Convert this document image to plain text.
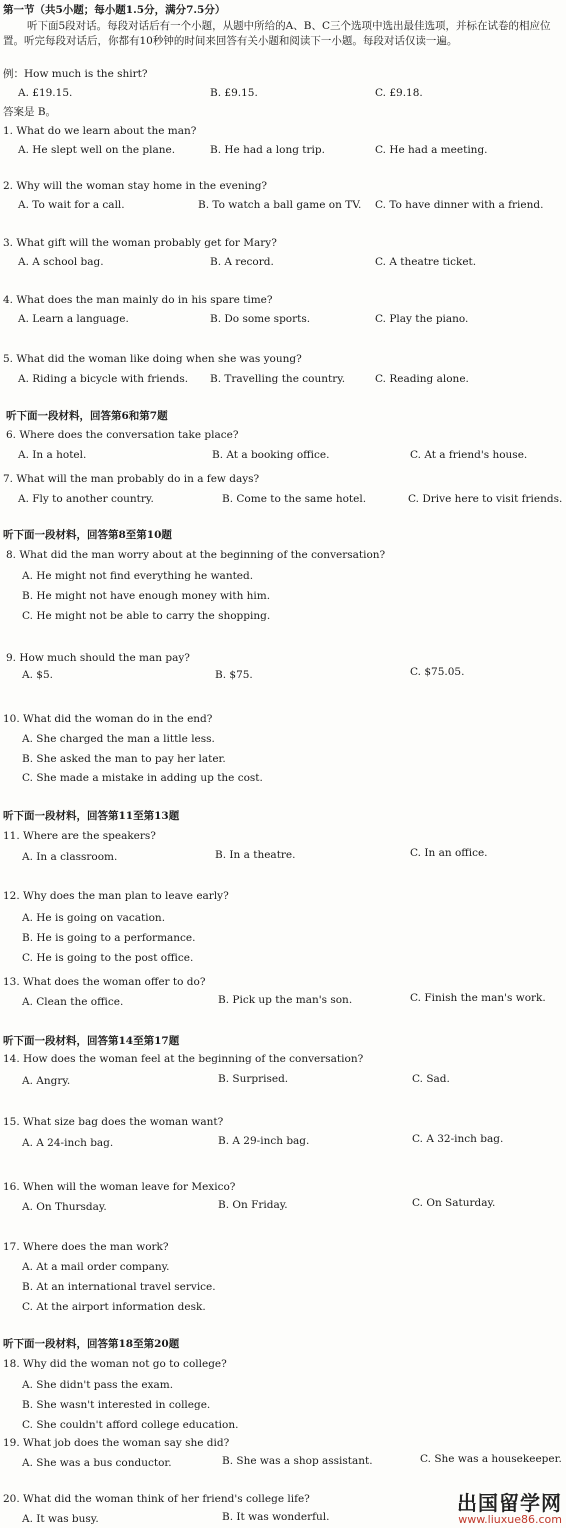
第一节（共5小题；每小题1.5分，满分7.5分）
听下面5段对话。每段对话后有一个小题，从题中所给的A、B、C三个选项中选出最佳选项，并标在试卷的相应位置。听完每段对话后，你都有10秒钟的时间来回答有关小题和阅读下一小题。每段对话仅读一遍。
例：How much is the shirt?
A. £19.15.	B. £9.15.	C. £9.18.
答案是 B。
1. What do we learn about the man?
A. He slept well on the plane.	B. He had a long trip.	C. He had a meeting.
2. Why will the woman stay home in the evening?
A. To wait for a call.	B. To watch a ball game on TV. C. To have dinner with a friend.
3. What gift will the woman probably get for Mary?
A. A school bag.	B. A record.	C. A theatre ticket.
4. What does the man mainly do in his spare time?
A. Learn a language.	B. Do some sports.	C. Play the piano.
5. What did the woman like doing when she was young?
A. Riding a bicycle with friends. B. Travelling the country.	C. Reading alone.
听下面一段材料，回答第6和第7题
6. Where does the conversation take place?
A. In a hotel.	B. At a booking office.	C. At a friend's house.
7. What will the man probably do in a few days?
A. Fly to another country.	B. Come to the same hotel.	C. Drive here to visit friends.
听下面一段材料，回答第8至第10题
8. What did the man worry about at the beginning of the conversation?
A. He might not find everything he wanted.
B. He might not have enough money with him.
C. He might not be able to carry the shopping.
9. How much should the man pay?
A. $5.	B. $75.	C. $75.05.
10. What did the woman do in the end?
A. She charged the man a little less.
B. She asked the man to pay her later.
C. She made a mistake in adding up the cost.
听下面一段材料，回答第11至第13题
11. Where are the speakers?
A. In a classroom.	B. In a theatre.	C. In an office.
12. Why does the man plan to leave early?
A. He is going on vacation.
B. He is going to a performance.
C. He is going to the post office.
13. What does the woman offer to do?
A. Clean the office.	B. Pick up the man's son.	C. Finish the man's work.
听下面一段材料，回答第14至第17题
14. How does the woman feel at the beginning of the conversation?
A. Angry.	B. Surprised.	C. Sad.
15. What size bag does the woman want?
A. A 24-inch bag.	B. A 29-inch bag.	C. A 32-inch bag.
16. When will the woman leave for Mexico?
A. On Thursday.	B. On Friday.	C. On Saturday.
17. Where does the man work?
A. At a mail order company.
B. At an international travel service.
C. At the airport information desk.
听下面一段材料，回答第18至第20题
18. Why did the woman not go to college?
A. She didn't pass the exam.
B. She wasn't interested in college.
C. She couldn't afford college education.
19. What job does the woman say she did?
A. She was a bus conductor.	B. She was a shop assistant.	C. She was a housekeeper.
20. What did the woman think of her friend's college life?
A. It was busy.	B. It was wonderful.
出国留学网
www.liuxue86.com
